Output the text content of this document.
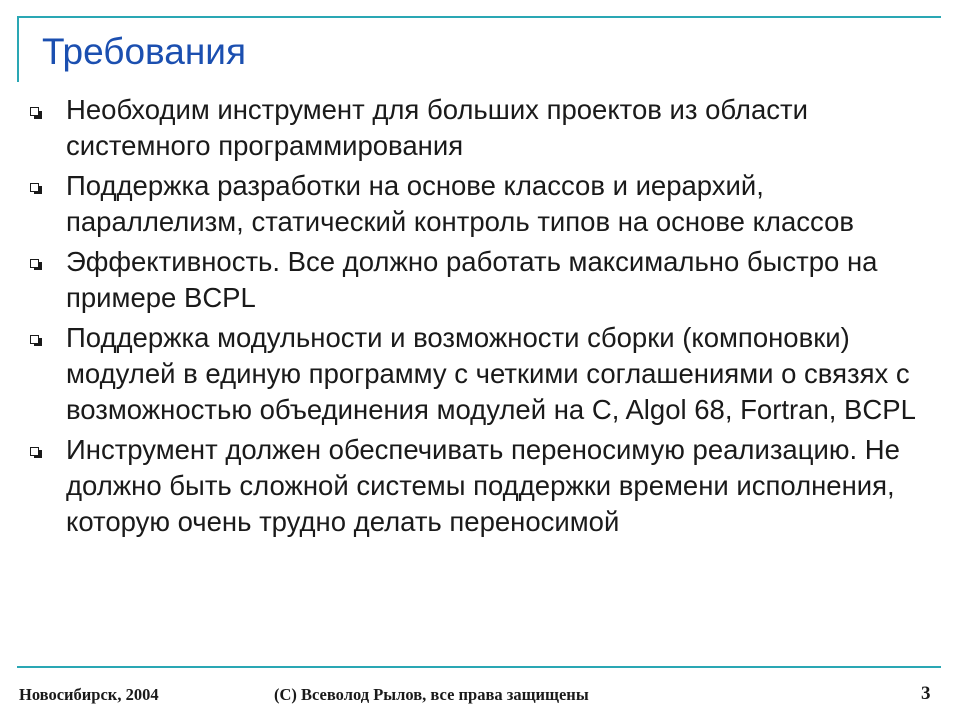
Требования
Необходим инструмент для больших проектов из области системного программирования
Поддержка разработки на основе классов и иерархий, параллелизм, статический контроль типов на основе классов
Эффективность. Все должно работать максимально быстро на примере BCPL
Поддержка модульности и возможности сборки (компоновки) модулей в единую программу с четкими соглашениями о связях с возможностью объединения модулей на C, Algol 68, Fortran, BCPL
Инструмент должен обеспечивать переносимую реализацию. Не должно быть сложной системы поддержки времени исполнения, которую очень трудно делать переносимой
Новосибирск, 2004	(C) Всеволод Рылов, все права защищены	3
